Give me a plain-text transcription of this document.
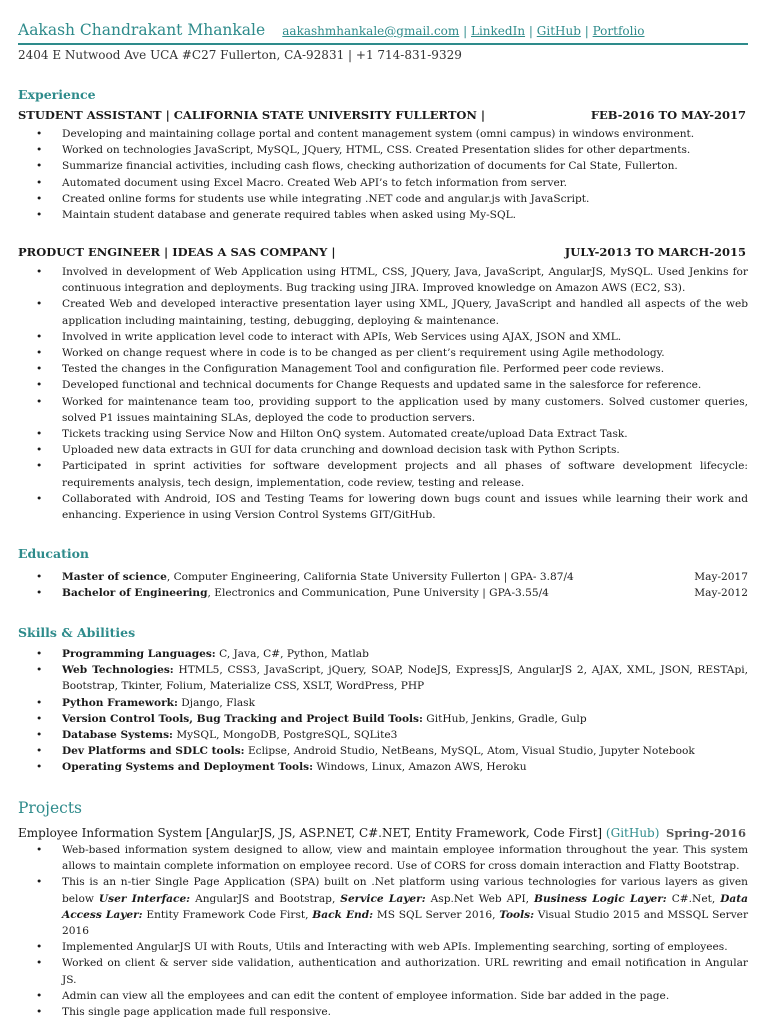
Aakash Chandrakant Mhankale aakashmhankale@gmail.com | LinkedIn | GitHub | Portfolio
2404 E Nutwood Ave UCA #C27 Fullerton, CA-92831 | +1 714-831-9329
Experience
STUDENT ASSISTANT | CALIFORNIA STATE UNIVERSITY FULLERTON |	FEB-2016 TO MAY-2017
• Developing and maintaining collage portal and content management system (omni campus) in windows environment.
• Worked on technologies JavaScript, MySQL, JQuery, HTML, CSS. Created Presentation slides for other departments.
• Summarize financial activities, including cash flows, checking authorization of documents for Cal State, Fullerton.
• Automated document using Excel Macro. Created Web API’s to fetch information from server.
• Created online forms for students use while integrating .NET code and angular.js with JavaScript.
• Maintain student database and generate required tables when asked using My-SQL.
PRODUCT ENGINEER | IDEAS A SAS COMPANY |	JULY-2013 TO MARCH-2015
• Involved in development of Web Application using HTML, CSS, JQuery, Java, JavaScript, AngularJS, MySQL. Used Jenkins for continuous integration and deployments. Bug tracking using JIRA. Improved knowledge on Amazon AWS (EC2, S3).
• Created Web and developed interactive presentation layer using XML, JQuery, JavaScript and handled all aspects of the web application including maintaining, testing, debugging, deploying & maintenance.
• Involved in write application level code to interact with APIs, Web Services using AJAX, JSON and XML.
• Worked on change request where in code is to be changed as per client’s requirement using Agile methodology.
• Tested the changes in the Configuration Management Tool and configuration file. Performed peer code reviews.
• Developed functional and technical documents for Change Requests and updated same in the salesforce for reference.
• Worked for maintenance team too, providing support to the application used by many customers. Solved customer queries, solved P1 issues maintaining SLAs, deployed the code to production servers.
• Tickets tracking using Service Now and Hilton OnQ system. Automated create/upload Data Extract Task.
• Uploaded new data extracts in GUI for data crunching and download decision task with Python Scripts.
• Participated in sprint activities for software development projects and all phases of software development lifecycle: requirements analysis, tech design, implementation, code review, testing and release.
• Collaborated with Android, IOS and Testing Teams for lowering down bugs count and issues while learning their work and enhancing. Experience in using Version Control Systems GIT/GitHub.
Education
• Master of science, Computer Engineering, California State University Fullerton | GPA- 3.87/4	May-2017
• Bachelor of Engineering, Electronics and Communication, Pune University | GPA-3.55/4	May-2012
Skills & Abilities
• Programming Languages: C, Java, C#, Python, Matlab
• Web Technologies: HTML5, CSS3, JavaScript, jQuery, SOAP, NodeJS, ExpressJS, AngularJS 2, AJAX, XML, JSON, RESTApi, Bootstrap, Tkinter, Folium, Materialize CSS, XSLT, WordPress, PHP
• Python Framework: Django, Flask
• Version Control Tools, Bug Tracking and Project Build Tools: GitHub, Jenkins, Gradle, Gulp
• Database Systems: MySQL, MongoDB, PostgreSQL, SQLite3
• Dev Platforms and SDLC tools: Eclipse, Android Studio, NetBeans, MySQL, Atom, Visual Studio, Jupyter Notebook
• Operating Systems and Deployment Tools: Windows, Linux, Amazon AWS, Heroku
Projects
Employee Information System [AngularJS, JS, ASP.NET, C#.NET, Entity Framework, Code First] (GitHub) Spring-2016
• Web-based information system designed to allow, view and maintain employee information throughout the year. This system allows to maintain complete information on employee record. Use of CORS for cross domain interaction and Flatty Bootstrap.
• This is an n-tier Single Page Application (SPA) built on .Net platform using various technologies for various layers as given below User Interface: AngularJS and Bootstrap, Service Layer: Asp.Net Web API, Business Logic Layer: C#.Net, Data Access Layer: Entity Framework Code First, Back End: MS SQL Server 2016, Tools: Visual Studio 2015 and MSSQL Server 2016
• Implemented AngularJS UI with Routs, Utils and Interacting with web APIs. Implementing searching, sorting of employees.
• Worked on client & server side validation, authentication and authorization. URL rewriting and email notification in Angular JS.
• Admin can view all the employees and can edit the content of employee information. Side bar added in the page.
• This single page application made full responsive.
